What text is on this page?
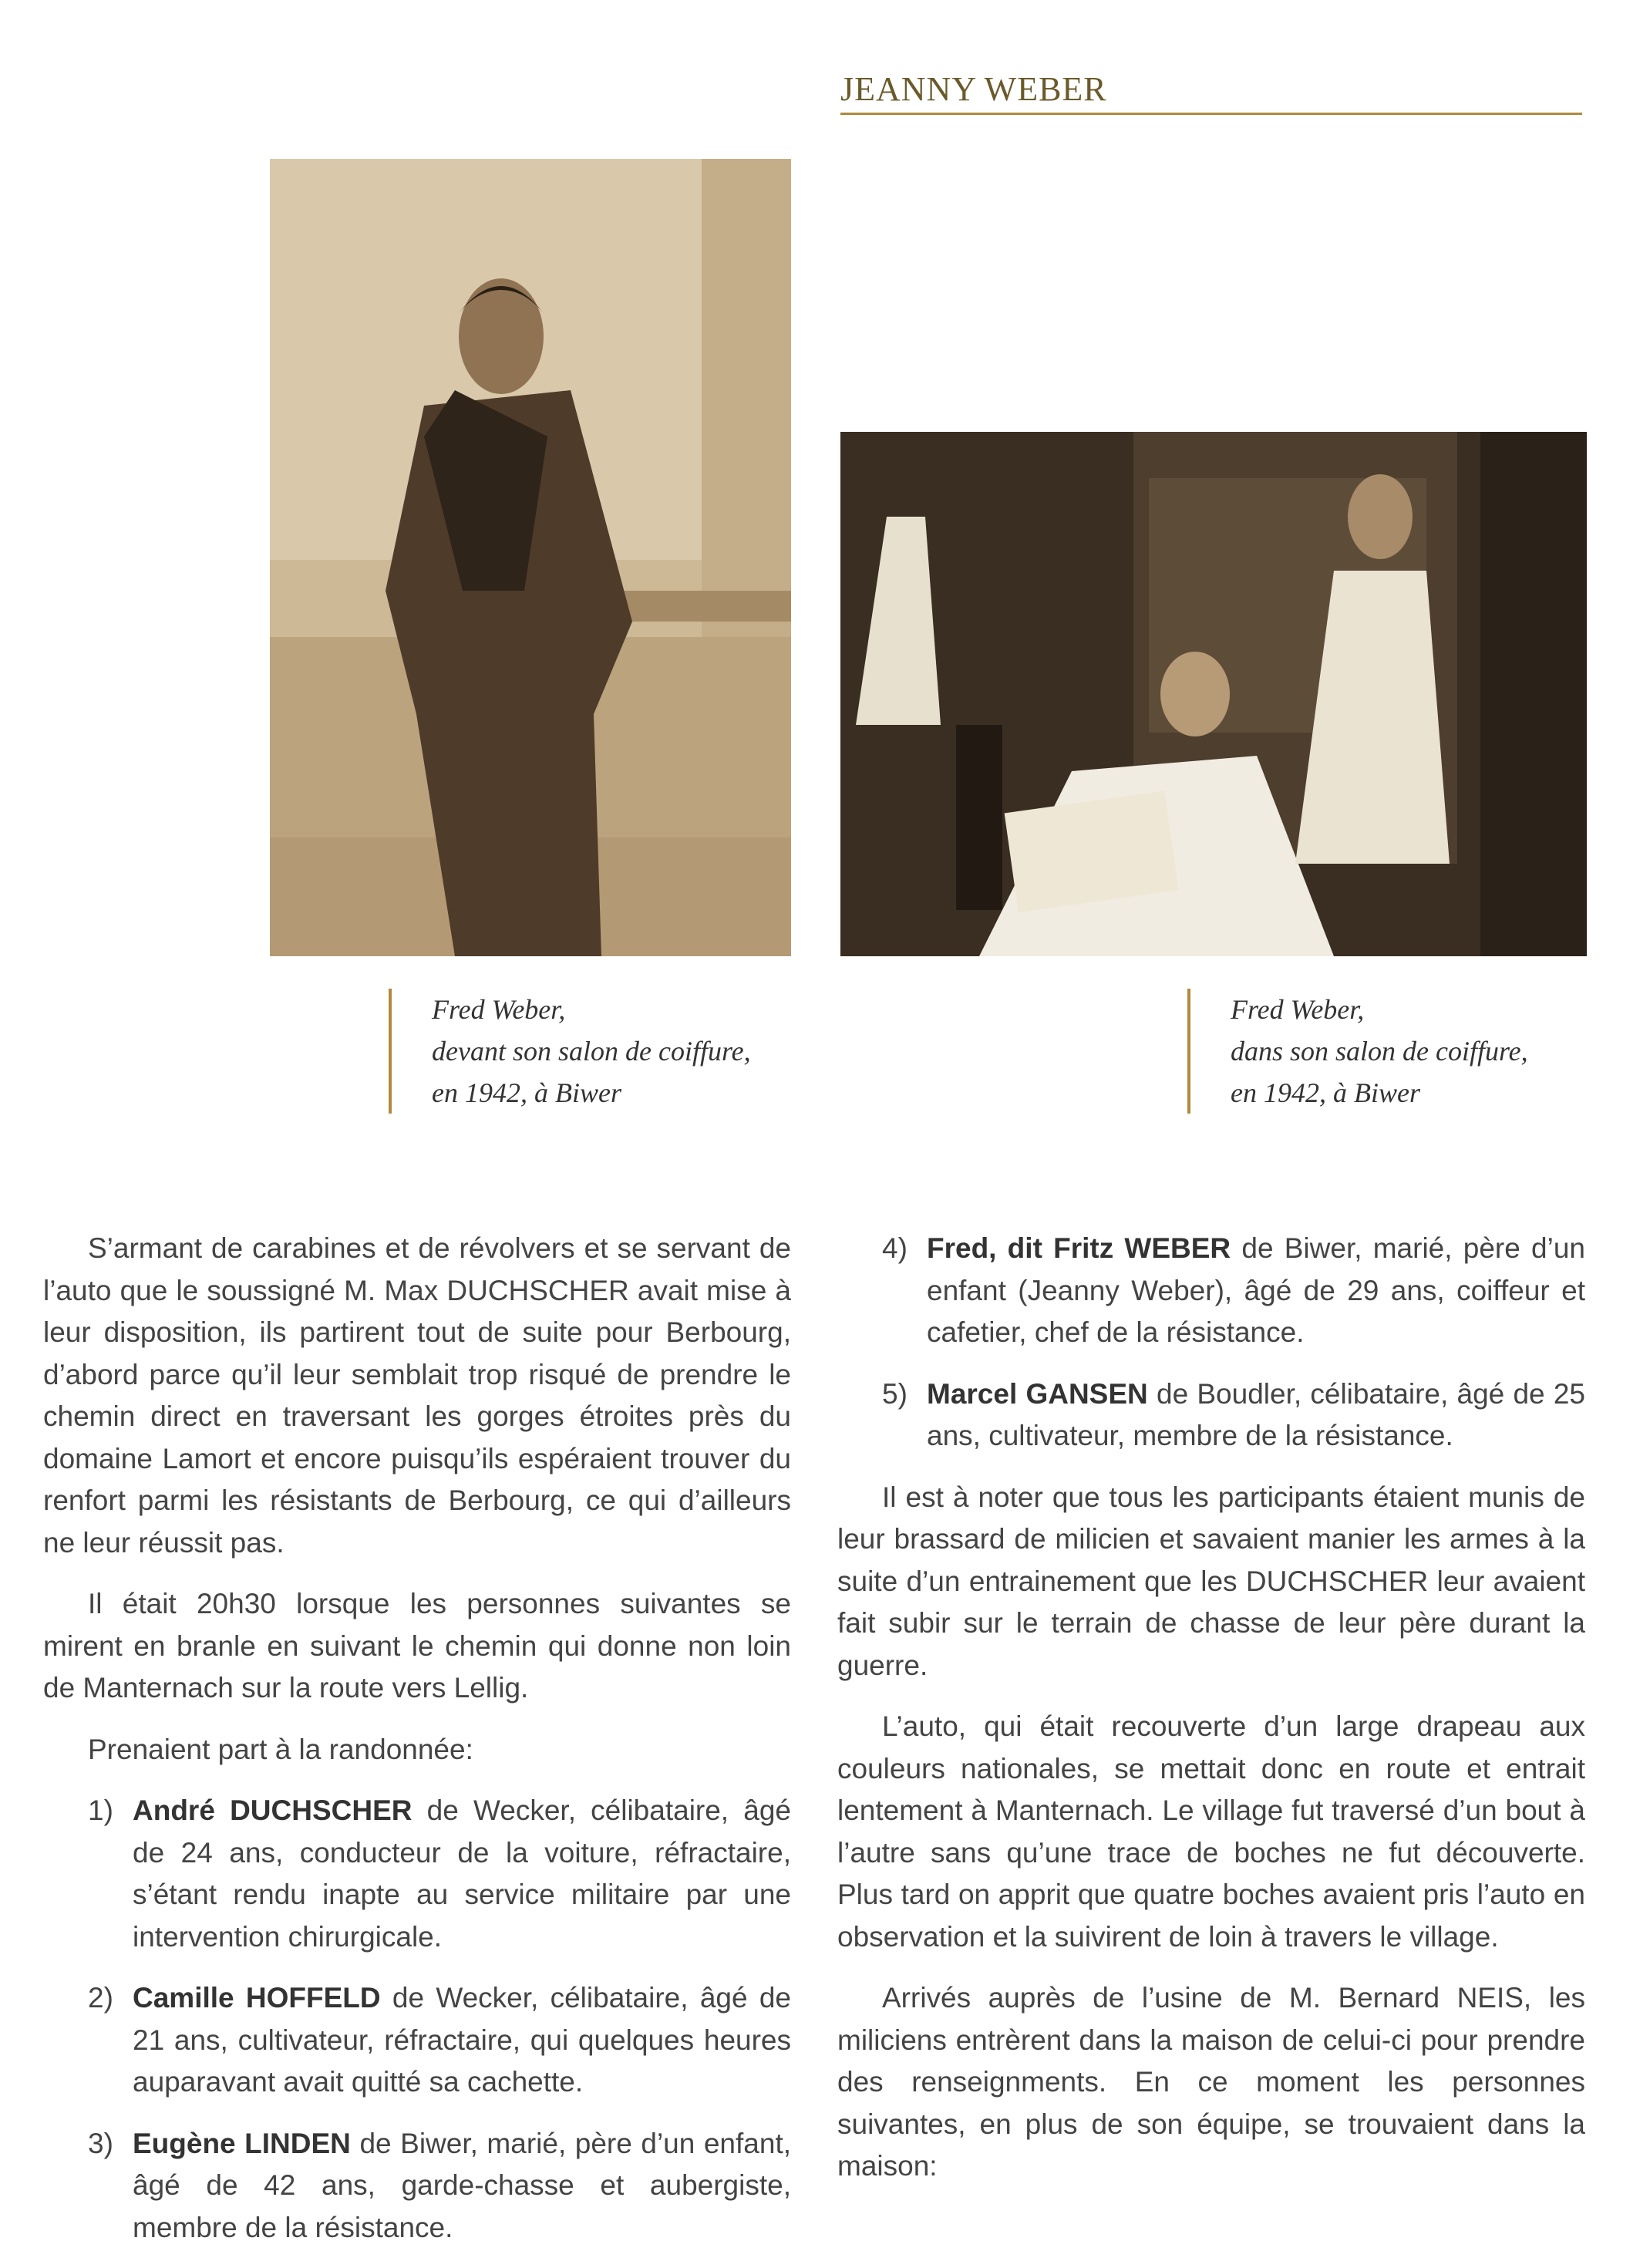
JEANNY WEBER
Fred Weber,
devant son salon de coiffure,
en 1942, à Biwer
Fred Weber,
dans son salon de coiffure,
en 1942, à Biwer

S’armant de carabines et de révolvers et se servant de l’auto que le soussigné M. Max DUCHSCHER avait mise à leur disposition, ils partirent tout de suite pour Berbourg, d’abord parce qu’il leur semblait trop risqué de prendre le chemin direct en traversant les gorges étroites près du domaine Lamort et encore puisqu’ils espéraient trouver du renfort parmi les résistants de Berbourg, ce qui d’ailleurs ne leur réussit pas.

Il était 20h30 lorsque les personnes suivantes se mirent en branle en suivant le chemin qui donne non loin de Manternach sur la route vers Lellig.

Prenaient part à la randonnée:

1) André DUCHSCHER de Wecker, célibataire, âgé de 24 ans, conducteur de la voiture, réfractaire, s’étant rendu inapte au service militaire par une intervention chirurgicale.
2) Camille HOFFELD de Wecker, célibataire, âgé de 21 ans, cultivateur, réfractaire, qui quelques heures auparavant avait quitté sa cachette.
3) Eugène LINDEN de Biwer, marié, père d’un enfant, âgé de 42 ans, garde-chasse et aubergiste, membre de la résistance.
4) Fred, dit Fritz WEBER de Biwer, marié, père d’un enfant (Jeanny Weber), âgé de 29 ans, coiffeur et cafetier, chef de la résistance.
5) Marcel GANSEN de Boudler, célibataire, âgé de 25 ans, cultivateur, membre de la résistance.

Il est à noter que tous les participants étaient munis de leur brassard de milicien et savaient manier les armes à la suite d’un entrainement que les DUCHSCHER leur avaient fait subir sur le terrain de chasse de leur père durant la guerre.

L’auto, qui était recouverte d’un large drapeau aux couleurs nationales, se mettait donc en route et entrait lentement à Manternach. Le village fut traversé d’un bout à l’autre sans qu’une trace de boches ne fut découverte. Plus tard on apprit que quatre boches avaient pris l’auto en observation et la suivirent de loin à travers le village.

Arrivés auprès de l’usine de M. Bernard NEIS, les miliciens entrèrent dans la maison de celui-ci pour prendre des renseignments. En ce moment les personnes suivantes, en plus de son équipe, se trouvaient dans la maison:
